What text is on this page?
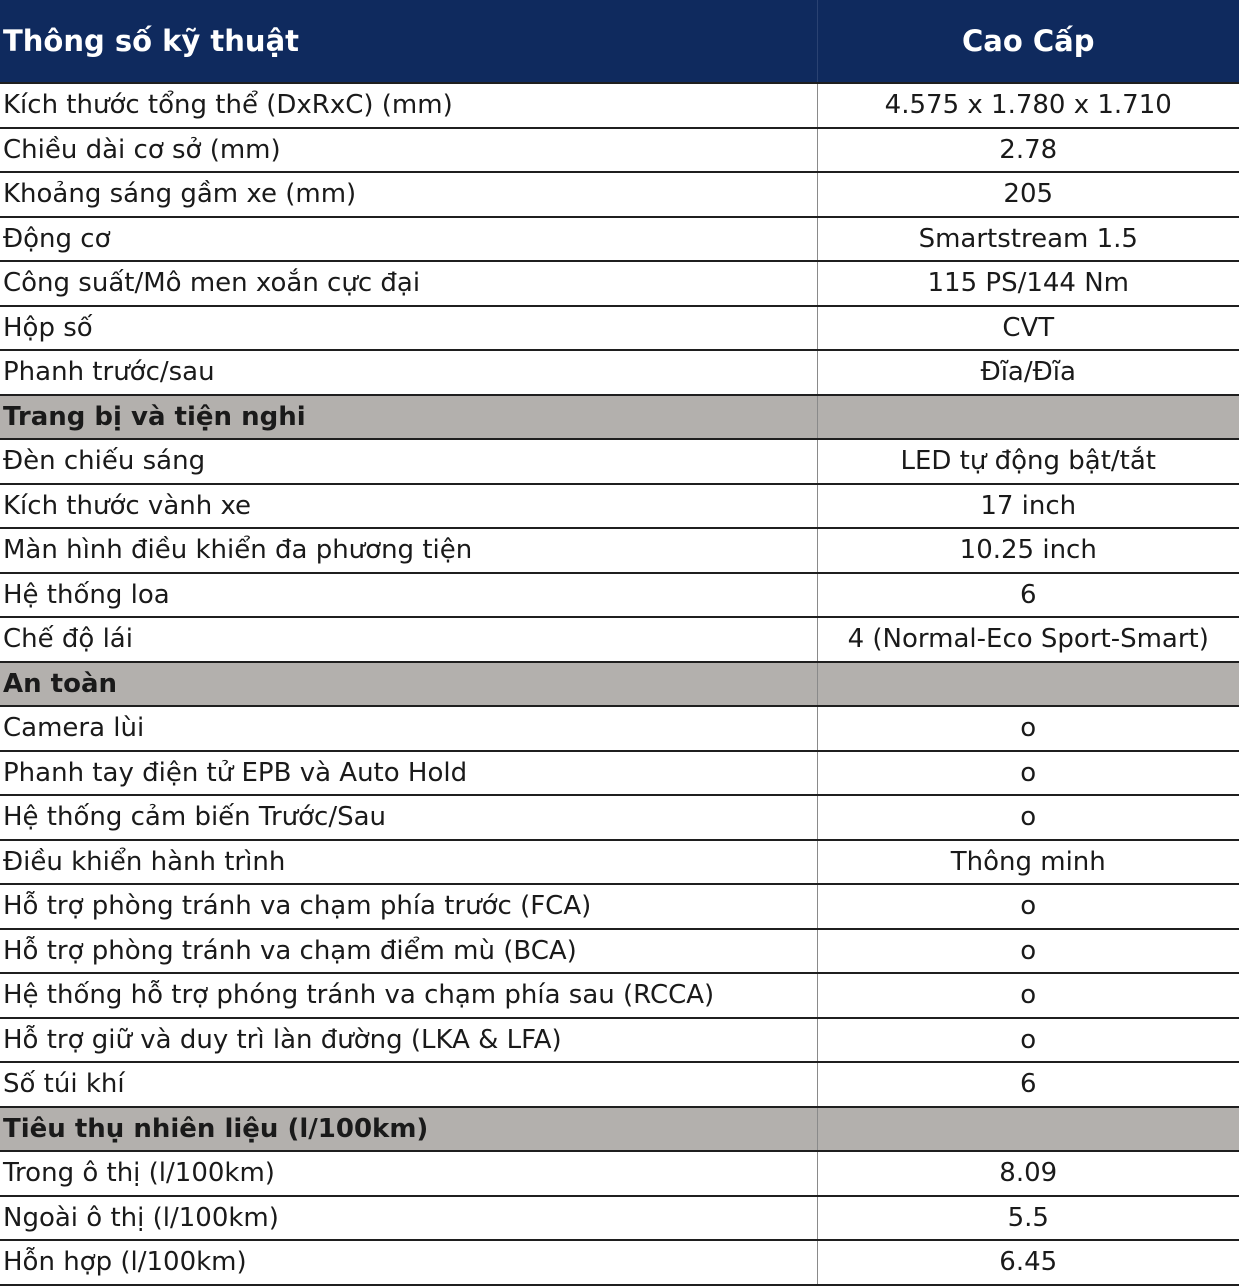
Thông số kỹ thuật	Cao Cấp
Kích thước tổng thể (DxRxC) (mm)	4.575 x 1.780 x 1.710
Chiều dài cơ sở (mm)	2.78
Khoảng sáng gầm xe (mm)	205
Động cơ	Smartstream 1.5
Công suất/Mô men xoắn cực đại	115 PS/144 Nm
Hộp số	CVT
Phanh trước/sau	Đĩa/Đĩa
Trang bị và tiện nghi	
Đèn chiếu sáng	LED tự động bật/tắt
Kích thước vành xe	17 inch
Màn hình điều khiển đa phương tiện	10.25 inch
Hệ thống loa	6
Chế độ lái	4 (Normal-Eco Sport-Smart)
An toàn	
Camera lùi	o
Phanh tay điện tử EPB và Auto Hold	o
Hệ thống cảm biến Trước/Sau	o
Điều khiển hành trình	Thông minh
Hỗ trợ phòng tránh va chạm phía trước (FCA)	o
Hỗ trợ phòng tránh va chạm điểm mù (BCA)	o
Hệ thống hỗ trợ phóng tránh va chạm phía sau (RCCA)	o
Hỗ trợ giữ và duy trì làn đường (LKA & LFA)	o
Số túi khí	6
Tiêu thụ nhiên liệu (l/100km)	
Trong ô thị (l/100km)	8.09
Ngoài ô thị (l/100km)	5.5
Hỗn hợp (l/100km)	6.45
